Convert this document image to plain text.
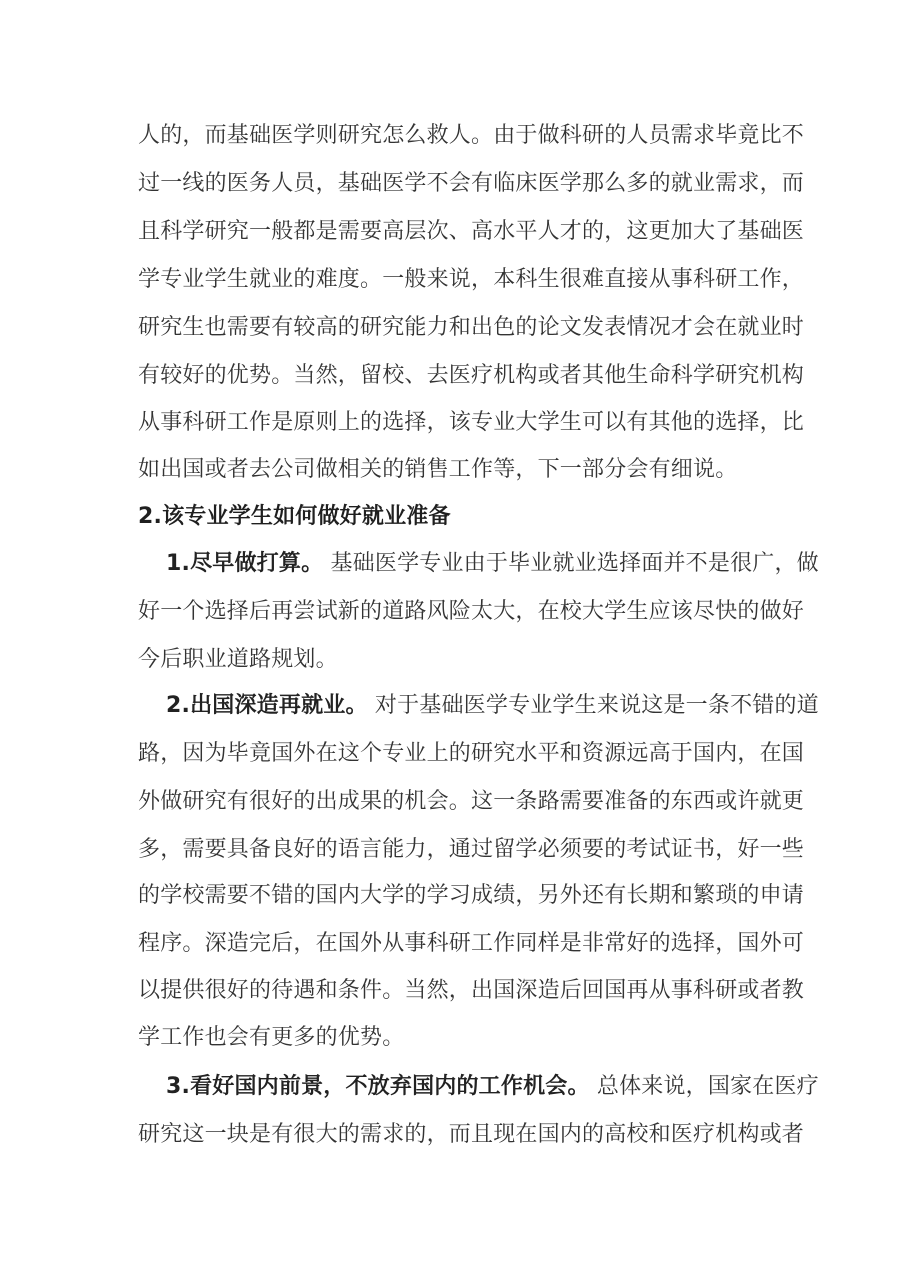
人的，而基础医学则研究怎么救人。由于做科研的人员需求毕竟比不
过一线的医务人员，基础医学不会有临床医学那么多的就业需求，而
且科学研究一般都是需要高层次、高水平人才的，这更加大了基础医
学专业学生就业的难度。一般来说，本科生很难直接从事科研工作，
研究生也需要有较高的研究能力和出色的论文发表情况才会在就业时
有较好的优势。当然，留校、去医疗机构或者其他生命科学研究机构
从事科研工作是原则上的选择，该专业大学生可以有其他的选择，比
如出国或者去公司做相关的销售工作等，下一部分会有细说。
2.该专业学生如何做好就业准备
1.尽早做打算。 基础医学专业由于毕业就业选择面并不是很广，做
好一个选择后再尝试新的道路风险太大，在校大学生应该尽快的做好
今后职业道路规划。
2.出国深造再就业。 对于基础医学专业学生来说这是一条不错的道
路，因为毕竟国外在这个专业上的研究水平和资源远高于国内，在国
外做研究有很好的出成果的机会。这一条路需要准备的东西或许就更
多，需要具备良好的语言能力，通过留学必须要的考试证书，好一些
的学校需要不错的国内大学的学习成绩，另外还有长期和繁琐的申请
程序。深造完后，在国外从事科研工作同样是非常好的选择，国外可
以提供很好的待遇和条件。当然，出国深造后回国再从事科研或者教
学工作也会有更多的优势。
3.看好国内前景，不放弃国内的工作机会。 总体来说，国家在医疗
研究这一块是有很大的需求的，而且现在国内的高校和医疗机构或者
